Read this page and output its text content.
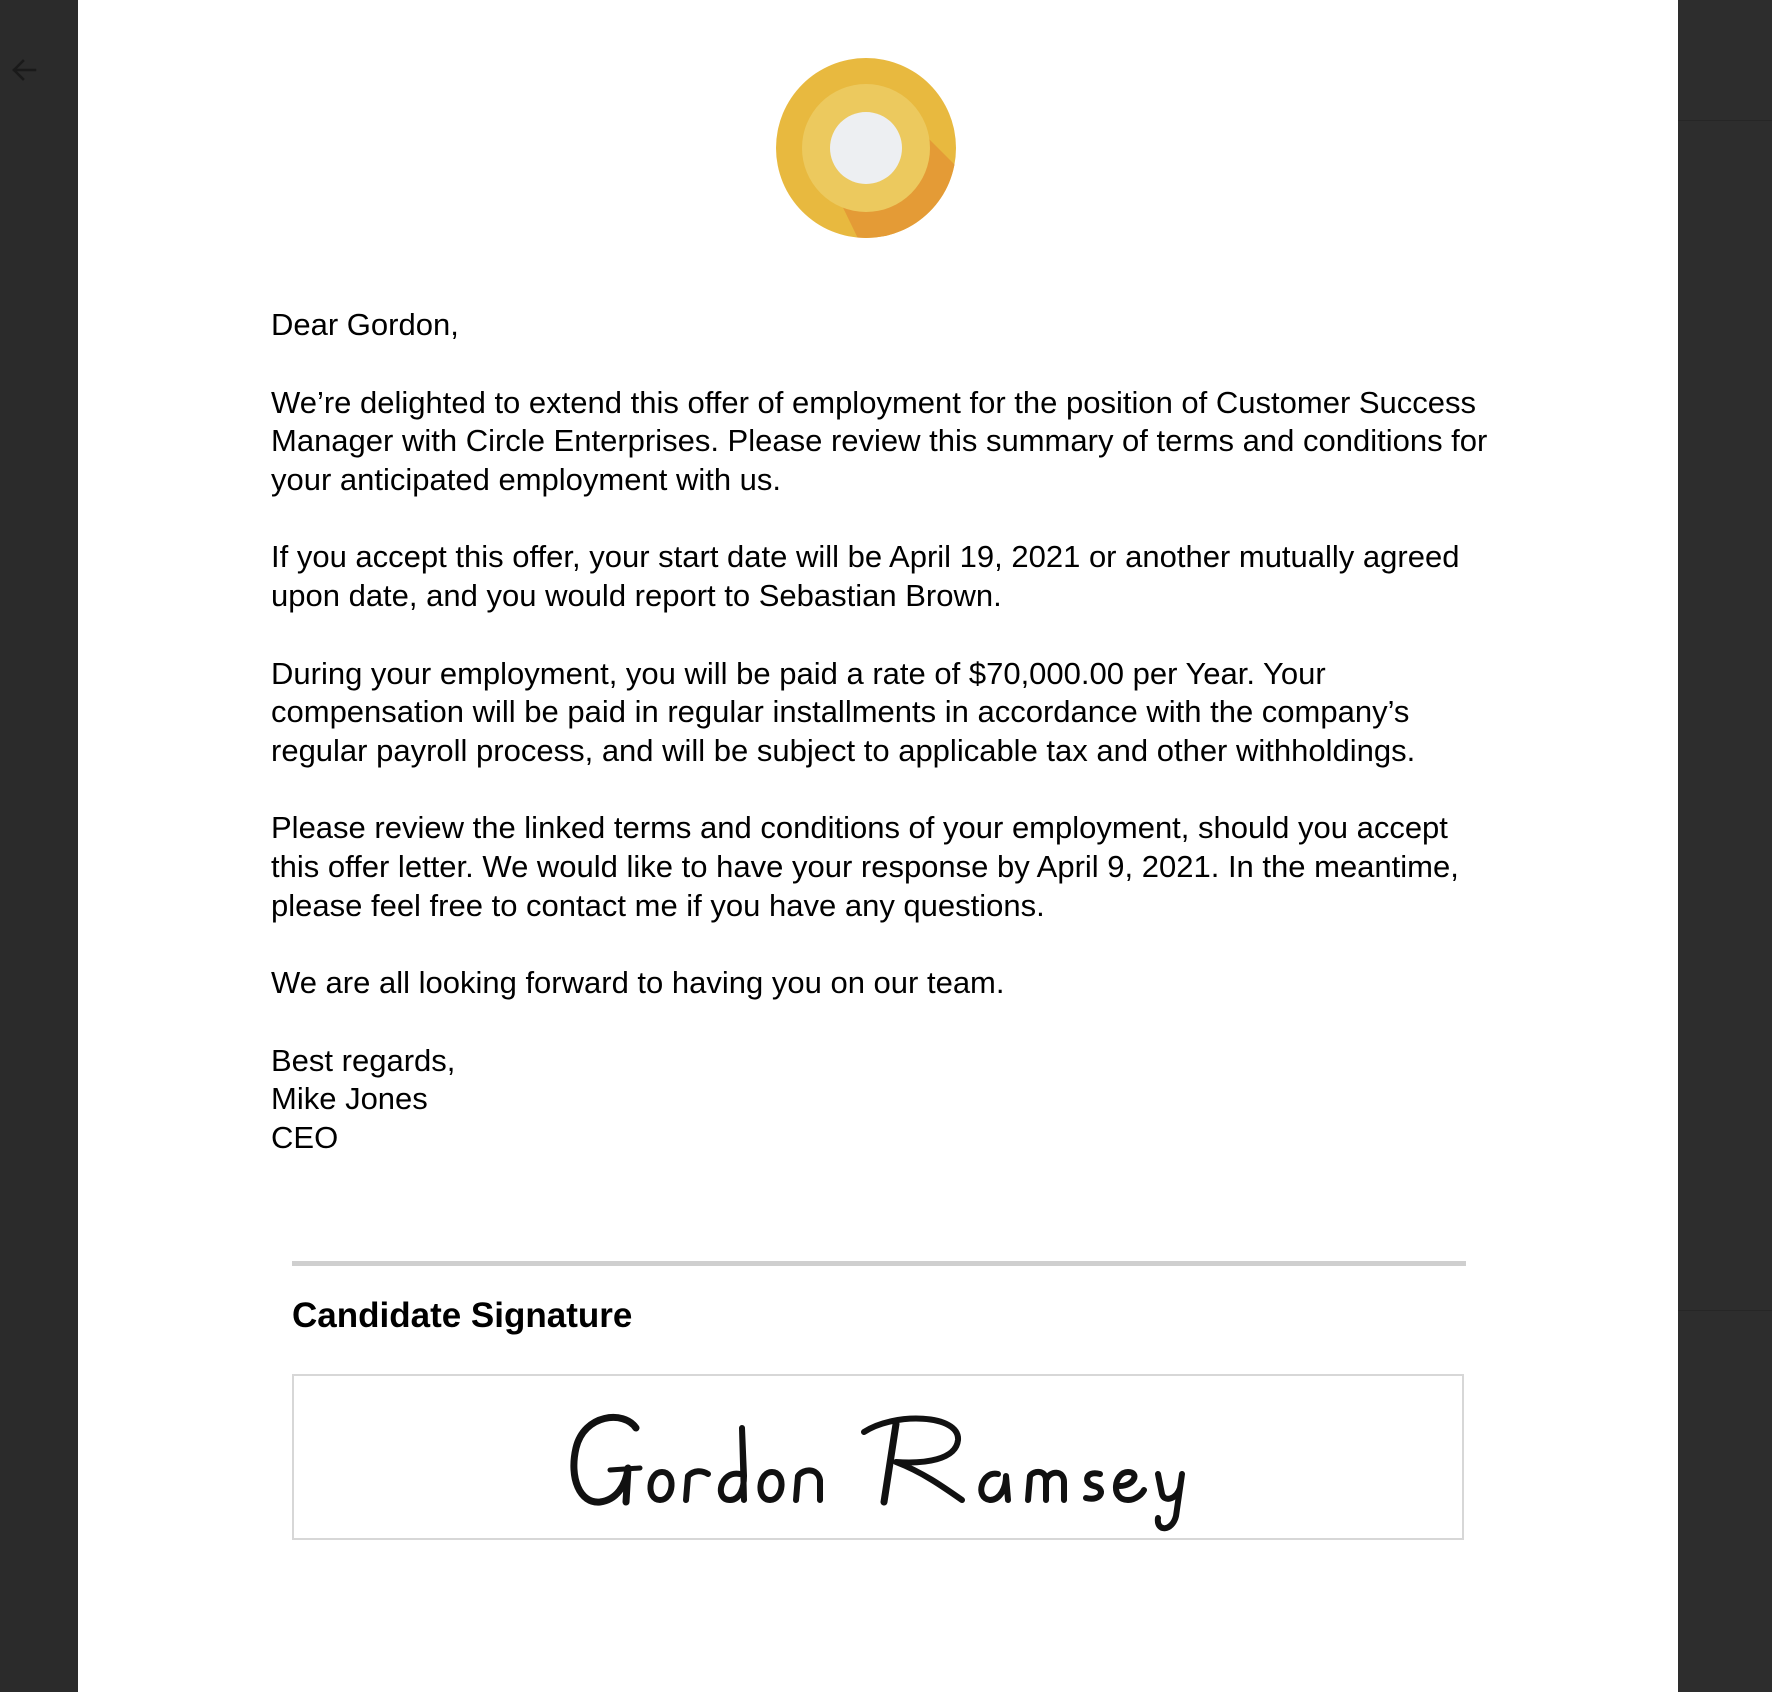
Dear Gordon,

We’re delighted to extend this offer of employment for the position of Customer Success Manager with Circle Enterprises. Please review this summary of terms and conditions for your anticipated employment with us.

If you accept this offer, your start date will be April 19, 2021 or another mutually agreed upon date, and you would report to Sebastian Brown.

During your employment, you will be paid a rate of $70,000.00 per Year. Your compensation will be paid in regular installments in accordance with the company’s regular payroll process, and will be subject to applicable tax and other withholdings.

Please review the linked terms and conditions of your employment, should you accept this offer letter. We would like to have your response by April 9, 2021. In the meantime, please feel free to contact me if you have any questions.

We are all looking forward to having you on our team.

Best regards,
Mike Jones
CEO
Candidate Signature
